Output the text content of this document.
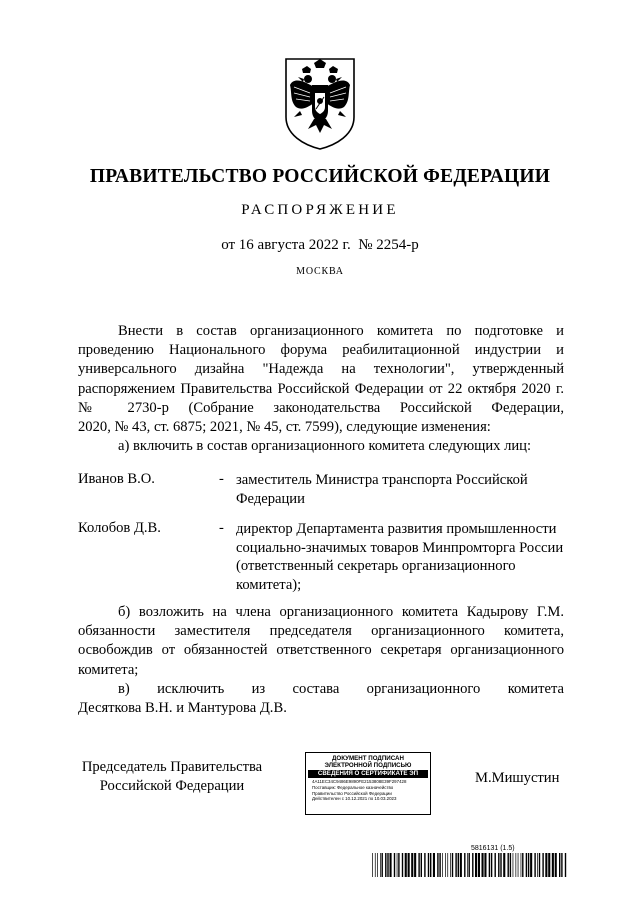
ПРАВИТЕЛЬСТВО РОССИЙСКОЙ ФЕДЕРАЦИИ
РАСПОРЯЖЕНИЕ
от 16 августа 2022 г.  № 2254-р
МОСКВА
Внести в состав организационного комитета по подготовке и проведению Национального форума реабилитационной индустрии и универсального дизайна "Надежда на технологии", утвержденный распоряжением Правительства Российской Федерации от 22 октября 2020 г. № 2730-р (Собрание законодательства Российской Федерации,
2020, № 43, ст. 6875; 2021, № 45, ст. 7599), следующие изменения:
а) включить в состав организационного комитета следующих лиц:
Иванов В.О.	- заместитель Министра транспорта Российской Федерации
Колобов Д.В.	- директор Департамента развития промышленности социально-значимых товаров Минпромторга России (ответственный секретарь организационного комитета);
б) возложить на члена организационного комитета Кадырову Г.М. обязанности заместителя председателя организационного комитета, освобождив от обязанностей ответственного секретаря организационного комитета;
в) исключить из состава организационного комитета
Десяткова В.Н. и Мантурова Д.В.
Председатель Правительства
Российской Федерации
ДОКУМЕНТ ПОДПИСАН
ЭЛЕКТРОННОЙ ПОДПИСЬЮ
СВЕДЕНИЯ О СЕРТИФИКАТЕ ЭП
4A11EC34C9486E9890FE2153808E39F297428
Поставщик: Федеральное казначейство
Правительство Российской Федерации
Действителен с 10.12.2021 по 10.03.2023
М.Мишустин
5816131 (1.5)
